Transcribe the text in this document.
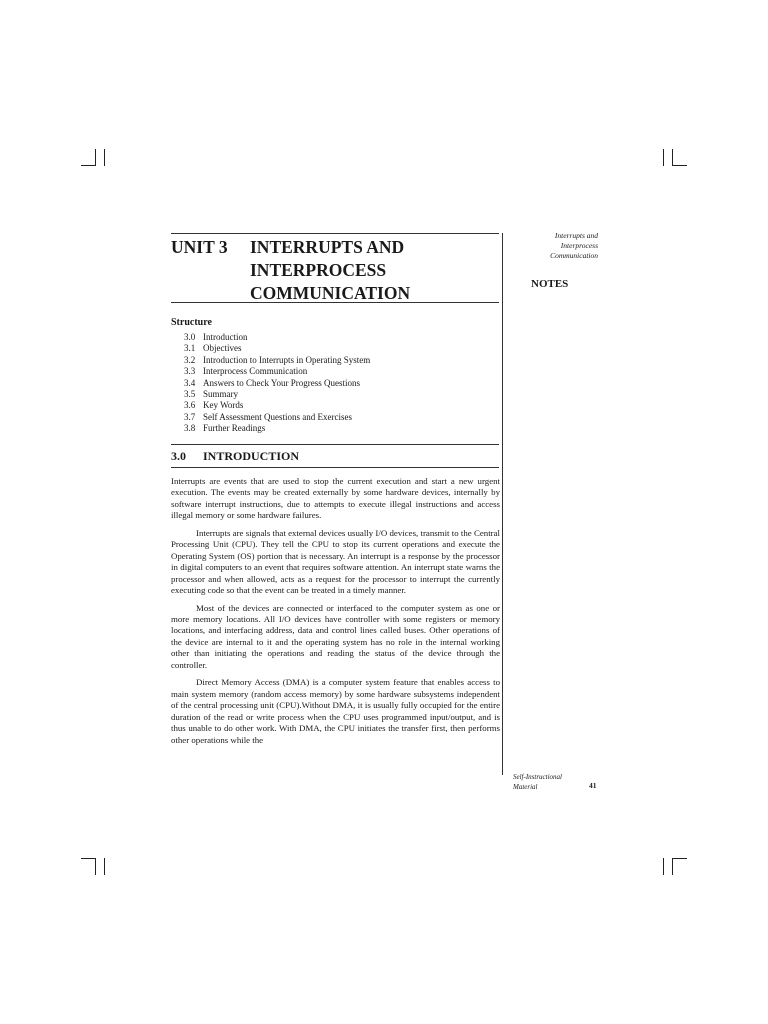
UNIT 3 INTERRUPTS AND
INTERPROCESS
COMMUNICATION
Interrupts and
Interprocess
Communication
NOTES
Structure
3.0 Introduction
3.1 Objectives
3.2 Introduction to Interrupts in Operating System
3.3 Interprocess Communication
3.4 Answers to Check Your Progress Questions
3.5 Summary
3.6 Key Words
3.7 Self Assessment Questions and Exercises
3.8 Further Readings
3.0 INTRODUCTION

Interrupts are events that are used to stop the current execution and start a new urgent execution. The events may be created externally by some hardware devices, internally by software interrupt instructions, due to attempts to execute illegal instructions and access illegal memory or some hardware failures.

Interrupts are signals that external devices usually I/O devices, transmit to the Central Processing Unit (CPU). They tell the CPU to stop its current operations and execute the Operating System (OS) portion that is necessary. An interrupt is a response by the processor in digital computers to an event that requires software attention. An interrupt state warns the processor and when allowed, acts as a request for the processor to interrupt the currently executing code so that the event can be treated in a timely manner.

Most of the devices are connected or interfaced to the computer system as one or more memory locations. All I/O devices have controller with some registers or memory locations, and interfacing address, data and control lines called buses. Other operations of the device are internal to it and the operating system has no role in the internal working other than initiating the operations and reading the status of the device through the controller.

Direct Memory Access (DMA) is a computer system feature that enables access to main system memory (random access memory) by some hardware subsystems independent of the central processing unit (CPU).Without DMA, it is usually fully occupied for the entire duration of the read or write process when the CPU uses programmed input/output, and is thus unable to do other work. With DMA, the CPU initiates the transfer first, then performs other operations while the

Self-Instructional
Material	41
